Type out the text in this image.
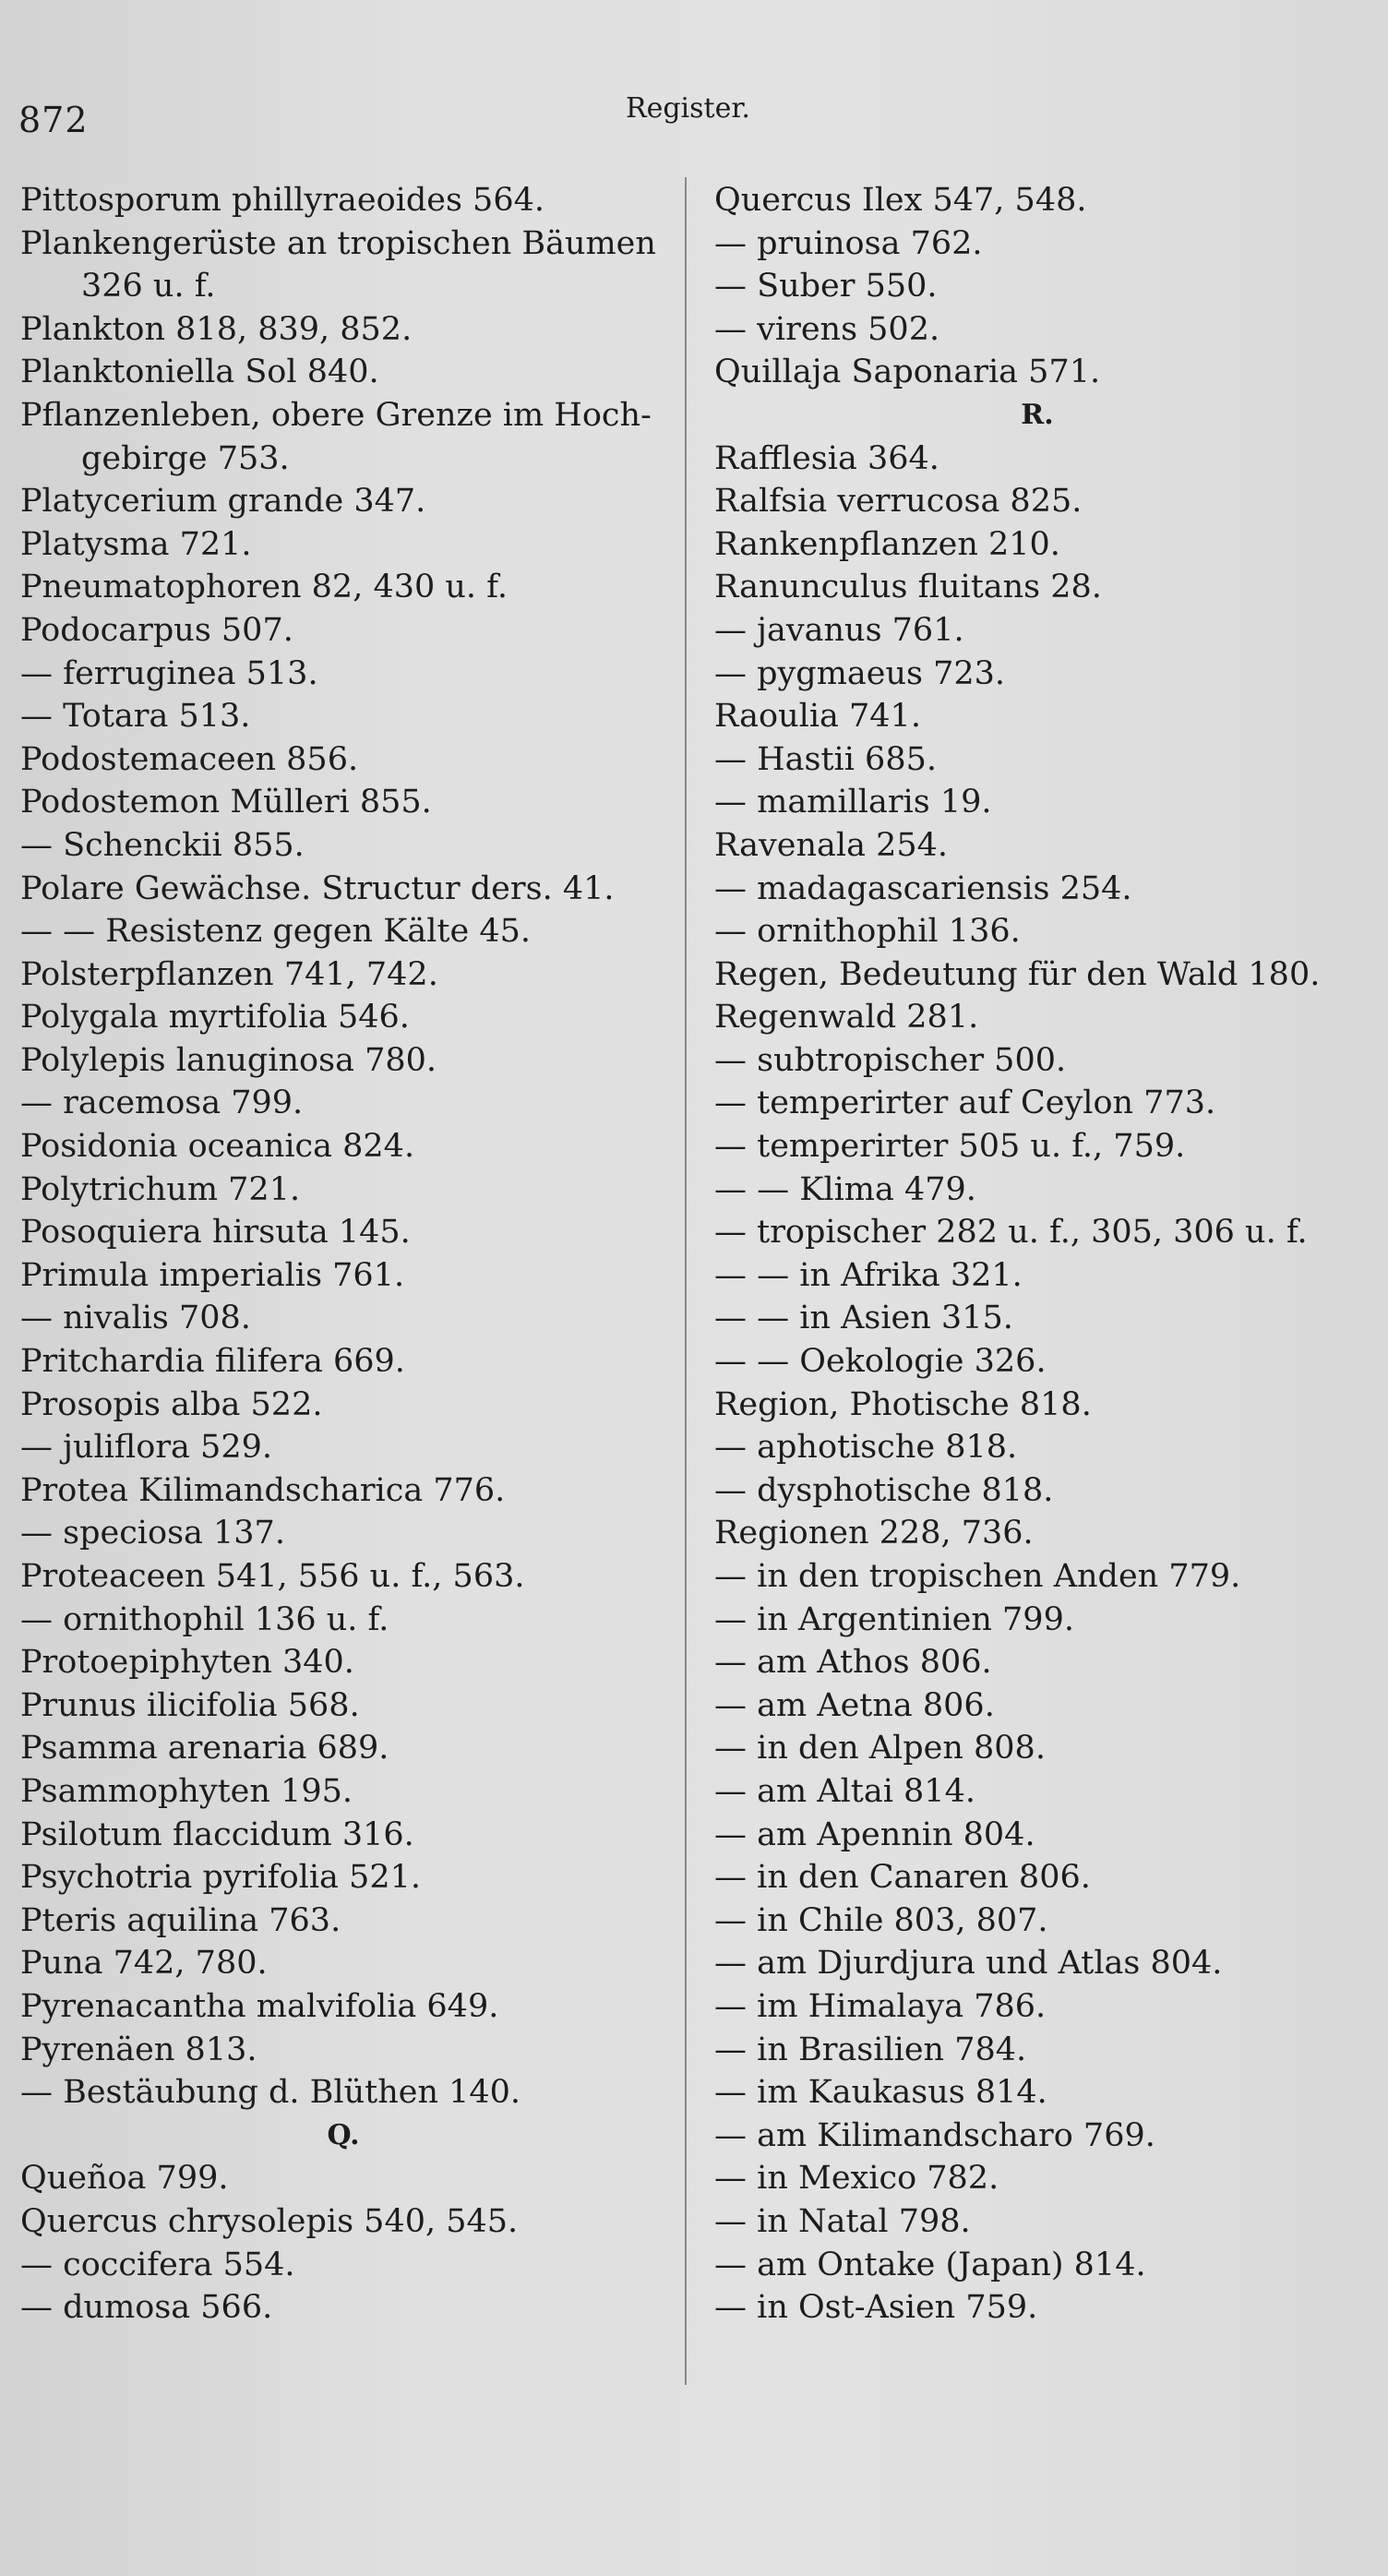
872	Register.
Pittosporum phillyraeoides 564.
Plankengerüste an tropischen Bäumen
326 u. f.
Plankton 818, 839, 852.
Planktoniella Sol 840.
Pflanzenleben, obere Grenze im Hoch-
gebirge 753.
Platycerium grande 347.
Platysma 721.
Pneumatophoren 82, 430 u. f.
Podocarpus 507.
— ferruginea 513.
— Totara 513.
Podostemaceen 856.
Podostemon Mülleri 855.
— Schenckii 855.
Polare Gewächse. Structur ders. 41.
— — Resistenz gegen Kälte 45.
Polsterpflanzen 741, 742.
Polygala myrtifolia 546.
Polylepis lanuginosa 780.
— racemosa 799.
Posidonia oceanica 824.
Polytrichum 721.
Posoquiera hirsuta 145.
Primula imperialis 761.
— nivalis 708.
Pritchardia filifera 669.
Prosopis alba 522.
— juliflora 529.
Protea Kilimandscharica 776.
— speciosa 137.
Proteaceen 541, 556 u. f., 563.
— ornithophil 136 u. f.
Protoepiphyten 340.
Prunus ilicifolia 568.
Psamma arenaria 689.
Psammophyten 195.
Psilotum flaccidum 316.
Psychotria pyrifolia 521.
Pteris aquilina 763.
Puna 742, 780.
Pyrenacantha malvifolia 649.
Pyrenäen 813.
— Bestäubung d. Blüthen 140.
Q.
Queñoa 799.
Quercus chrysolepis 540, 545.
— coccifera 554.
— dumosa 566.
Quercus Ilex 547, 548.
— pruinosa 762.
— Suber 550.
— virens 502.
Quillaja Saponaria 571.
R.
Rafflesia 364.
Ralfsia verrucosa 825.
Rankenpflanzen 210.
Ranunculus fluitans 28.
— javanus 761.
— pygmaeus 723.
Raoulia 741.
— Hastii 685.
— mamillaris 19.
Ravenala 254.
— madagascariensis 254.
— ornithophil 136.
Regen, Bedeutung für den Wald 180.
Regenwald 281.
— subtropischer 500.
— temperirter auf Ceylon 773.
— temperirter 505 u. f., 759.
— — Klima 479.
— tropischer 282 u. f., 305, 306 u. f.
— — in Afrika 321.
— — in Asien 315.
— — Oekologie 326.
Region, Photische 818.
— aphotische 818.
— dysphotische 818.
Regionen 228, 736.
— in den tropischen Anden 779.
— in Argentinien 799.
— am Athos 806.
— am Aetna 806.
— in den Alpen 808.
— am Altai 814.
— am Apennin 804.
— in den Canaren 806.
— in Chile 803, 807.
— am Djurdjura und Atlas 804.
— im Himalaya 786.
— in Brasilien 784.
— im Kaukasus 814.
— am Kilimandscharo 769.
— in Mexico 782.
— in Natal 798.
— am Ontake (Japan) 814.
— in Ost-Asien 759.
